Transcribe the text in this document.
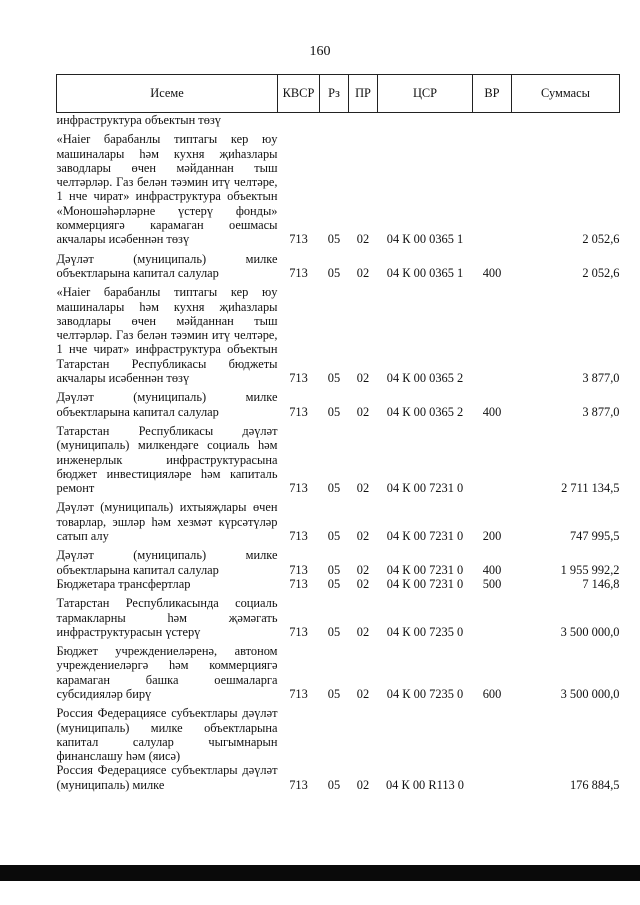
160
Исеме	КВСР	Рз	ПР	ЦСР	ВР	Суммасы
инфраструктура объектын төзү						
«Haier барабанлы типтагы кер юу машиналары һәм кухня җиһазлары заводлары өчен мәйданнан тыш челтәрләр. Газ белән тәэмин итү челтәре, 1 нче чират» инфраструктура объектын «Моношәһәрләрне үстерү фонды» коммерциягә карамаган оешмасы акчалары исәбеннән төзү	713	05	02	04 К 00 0365 1		2 052,6
Дәүләт (муниципаль) милке объектларына капитал салулар	713	05	02	04 К 00 0365 1	400	2 052,6
«Haier барабанлы типтагы кер юу машиналары һәм кухня җиһазлары заводлары өчен мәйданнан тыш челтәрләр. Газ белән тәэмин итү челтәре, 1 нче чират» инфраструктура объектын Татарстан Республикасы бюджеты акчалары исәбеннән төзү	713	05	02	04 К 00 0365 2		3 877,0
Дәүләт (муниципаль) милке объектларына капитал салулар	713	05	02	04 К 00 0365 2	400	3 877,0
Татарстан Республикасы дәүләт (муниципаль) милкендәге социаль һәм инженерлык инфраструктурасына бюджет инвестицияләре һәм капиталь ремонт	713	05	02	04 К 00 7231 0		2 711 134,5
Дәүләт (муниципаль) ихтыяҗлары өчен товарлар, эшләр һәм хезмәт күрсәтүләр сатып алу	713	05	02	04 К 00 7231 0	200	747 995,5
Дәүләт (муниципаль) милке объектларына капитал салулар	713	05	02	04 К 00 7231 0	400	1 955 992,2
Бюджетара трансфертлар	713	05	02	04 К 00 7231 0	500	7 146,8
Татарстан Республикасында социаль тармакларны һәм җәмәгать инфраструктурасын үстерү	713	05	02	04 К 00 7235 0		3 500 000,0
Бюджет учреждениеләренә, автоном учреждениеләргә һәм коммерциягә карамаган башка оешмаларга субсидияләр бирү	713	05	02	04 К 00 7235 0	600	3 500 000,0
Россия Федерациясе субъектлары дәүләт (муниципаль) милке объектларына капитал салулар чыгымнарын финанслашу һәм (яисә)						
Россия Федерациясе субъектлары дәүләт (муниципаль) милке	713	05	02	04 К 00 R113 0		176 884,5
